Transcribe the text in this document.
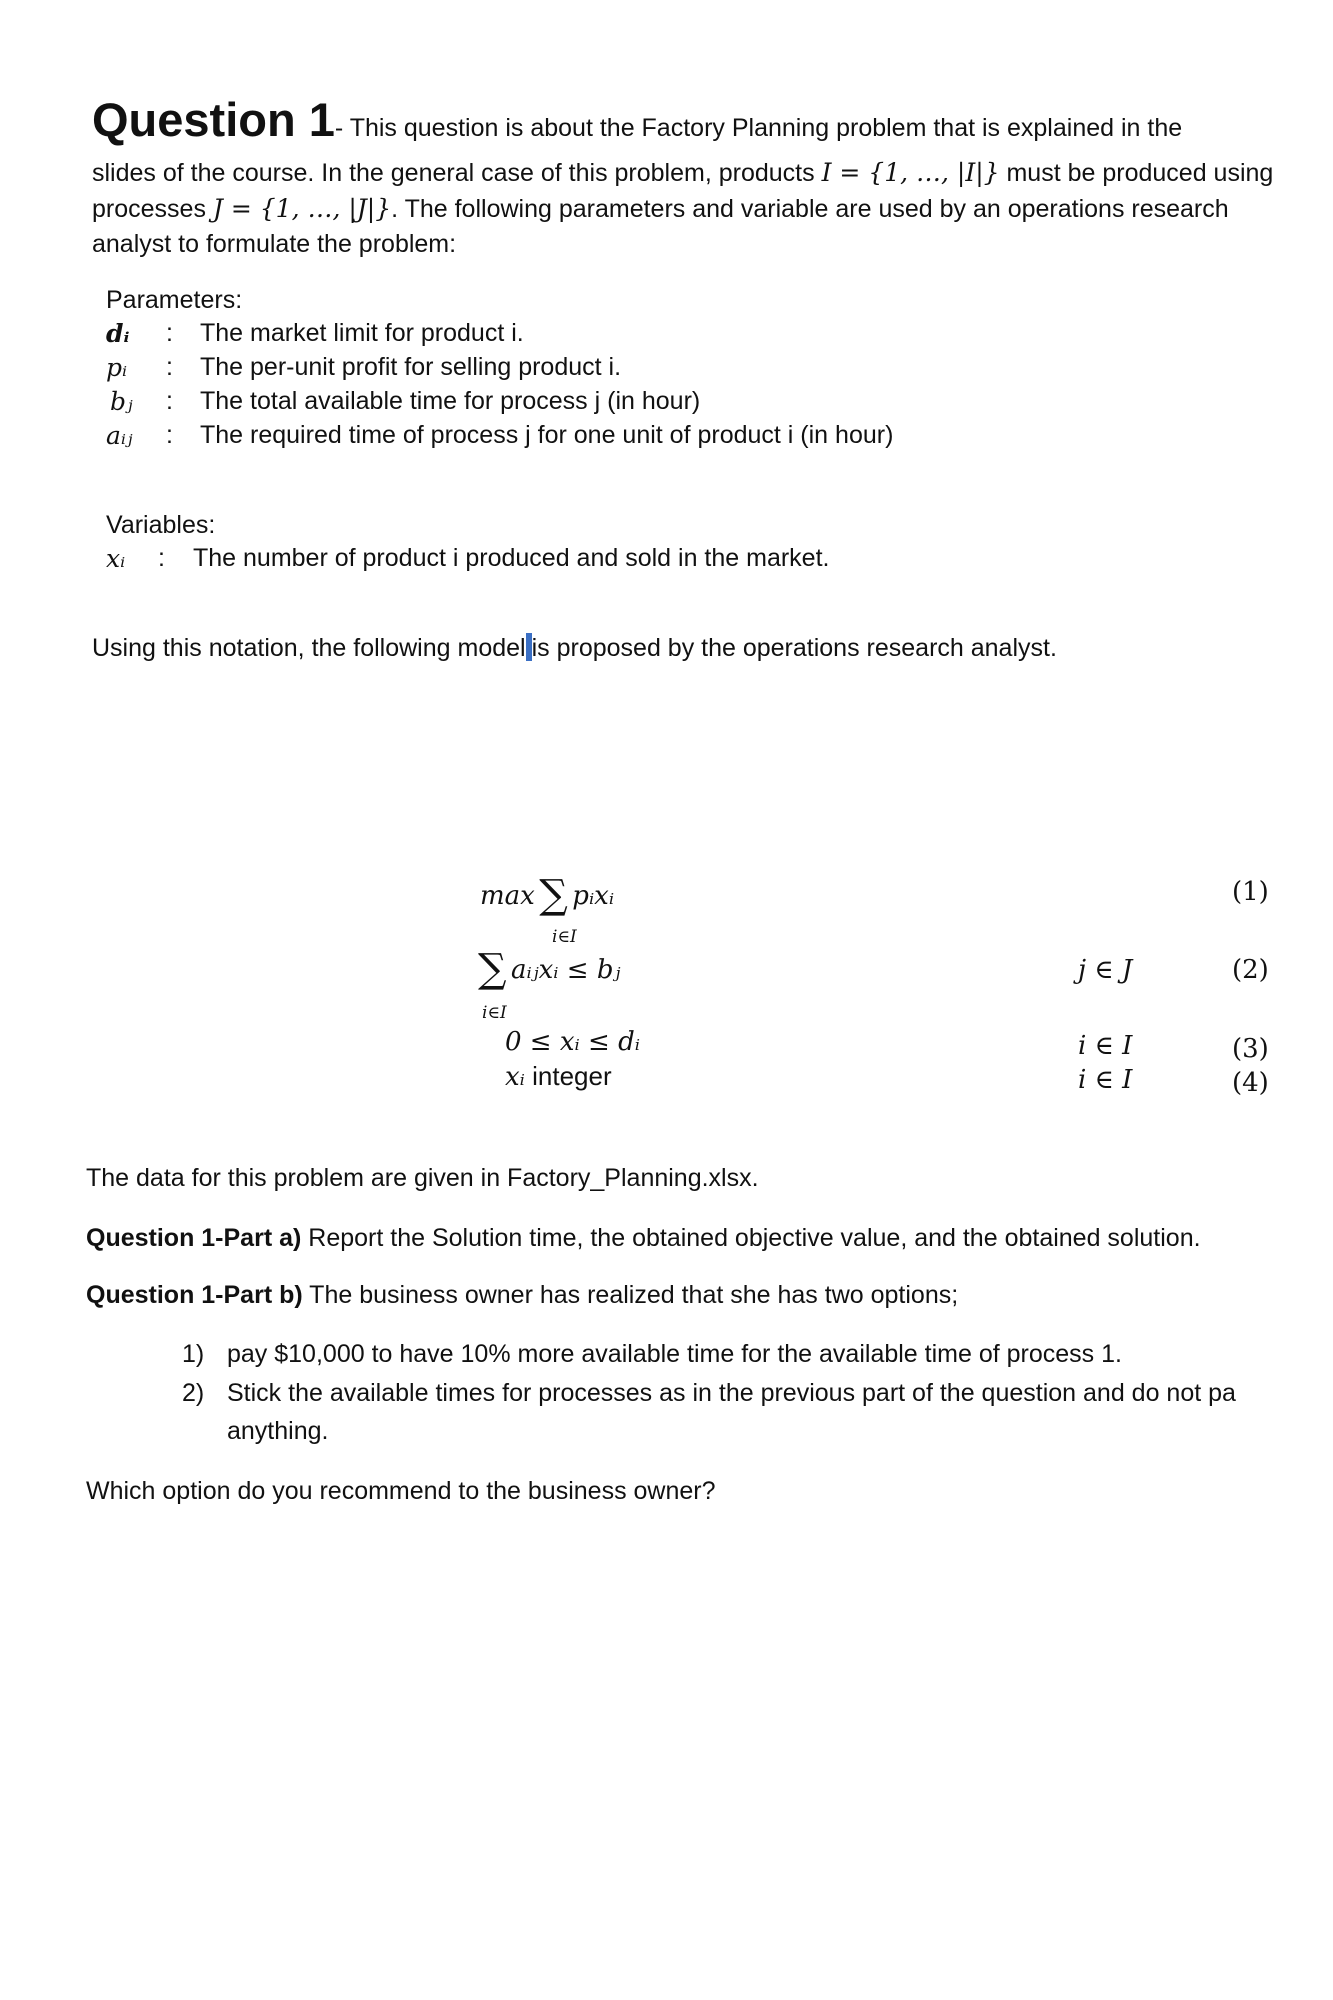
Question 1- This question is about the Factory Planning problem that is explained in the
slides of the course. In the general case of this problem, products I = {1, …, |I|} must be produced using
processes J = {1, …, |J|}. The following parameters and variable are used by an operations research
analyst to formulate the problem:
Parameters:
dᵢ : The market limit for product i.
pᵢ : The per-unit profit for selling product i.
bⱼ : The total available time for process j (in hour)
aᵢⱼ : The required time of process j for one unit of product i (in hour)
Variables:
xᵢ : The number of product i produced and sold in the market.
Using this notation, the following model is proposed by the operations research analyst.
max ∑ pᵢxᵢ
i∈I
∑ aᵢⱼxᵢ ≤ bⱼ
i∈I
0 ≤ xᵢ ≤ dᵢ
xᵢ integer
j ∈ J
i ∈ I
i ∈ I
(1)
(2)
(3)
(4)
The data for this problem are given in Factory_Planning.xlsx.
Question 1-Part a) Report the Solution time, the obtained objective value, and the obtained solution.
Question 1-Part b) The business owner has realized that she has two options;
1) pay $10,000 to have 10% more available time for the available time of process 1.
2) Stick the available times for processes as in the previous part of the question and do not pa
anything.
Which option do you recommend to the business owner?
